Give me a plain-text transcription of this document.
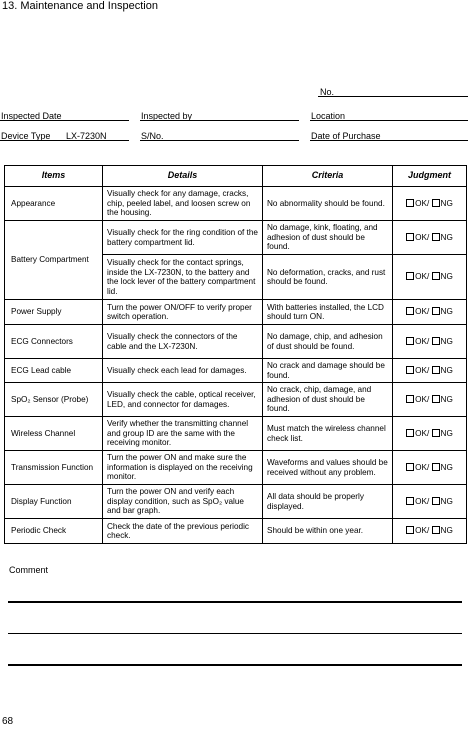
13. Maintenance and Inspection
No.
Inspected Date	Inspected by	Location
Device Type LX-7230N	S/No.	Date of Purchase
Items	Details	Criteria	Judgment
Appearance	Visually check for any damage, cracks, chip, peeled label, and loosen screw on the housing.	No abnormality should be found.	OK/ NG
Battery Compartment	Visually check for the ring condition of the battery compartment lid.	No damage, kink, floating, and adhesion of dust should be found.	OK/ NG
	Visually check for the contact springs, inside the LX-7230N, to the battery and the lock lever of the battery compartment lid.	No deformation, cracks, and rust should be found.	OK/ NG
Power Supply	Turn the power ON/OFF to verify proper switch operation.	With batteries installed, the LCD should turn ON.	OK/ NG
ECG Connectors	Visually check the connectors of the cable and the LX-7230N.	No damage, chip, and adhesion of dust should be found.	OK/ NG
ECG Lead cable	Visually check each lead for damages.	No crack and damage should be found.	OK/ NG
SpO₂ Sensor (Probe)	Visually check the cable, optical receiver, LED, and connector for damages.	No crack, chip, damage, and adhesion of dust should be found.	OK/ NG
Wireless Channel	Verify whether the transmitting channel and group ID are the same with the receiving monitor.	Must match the wireless channel check list.	OK/ NG
Transmission Function	Turn the power ON and make sure the information is displayed on the receiving monitor.	Waveforms and values should be received without any problem.	OK/ NG
Display Function	Turn the power ON and verify each display condition, such as SpO₂ value and bar graph.	All data should be properly displayed.	OK/ NG
Periodic Check	Check the date of the previous periodic check.	Should be within one year.	OK/ NG
Comment
68
